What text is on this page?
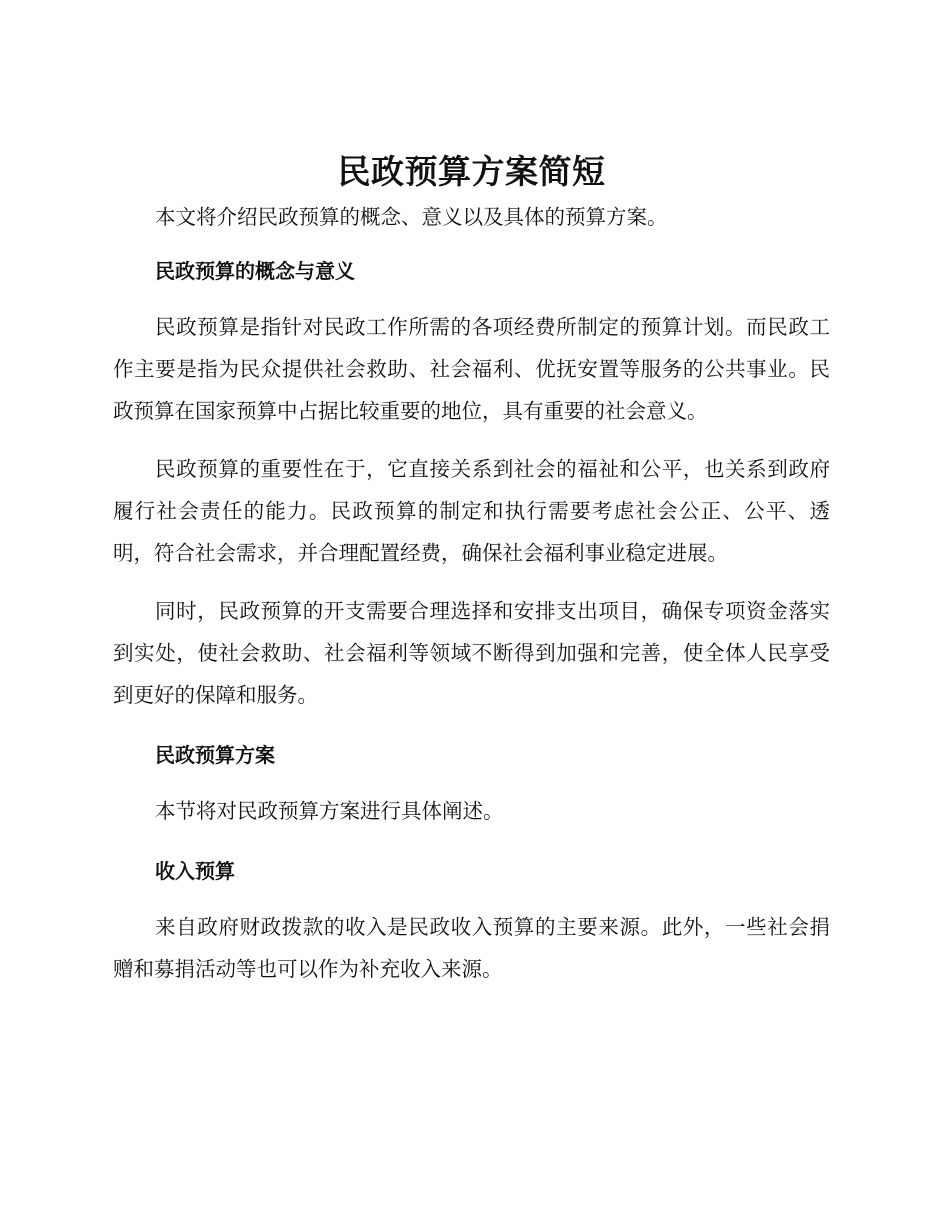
民政预算方案简短

本文将介绍民政预算的概念、意义以及具体的预算方案。

民政预算的概念与意义

民政预算是指针对民政工作所需的各项经费所制定的预算计划。而民政工作主要是指为民众提供社会救助、社会福利、优抚安置等服务的公共事业。民政预算在国家预算中占据比较重要的地位，具有重要的社会意义。

民政预算的重要性在于，它直接关系到社会的福祉和公平，也关系到政府履行社会责任的能力。民政预算的制定和执行需要考虑社会公正、公平、透明，符合社会需求，并合理配置经费，确保社会福利事业稳定进展。

同时，民政预算的开支需要合理选择和安排支出项目，确保专项资金落实到实处，使社会救助、社会福利等领域不断得到加强和完善，使全体人民享受到更好的保障和服务。

民政预算方案

本节将对民政预算方案进行具体阐述。

收入预算

来自政府财政拨款的收入是民政收入预算的主要来源。此外，一些社会捐赠和募捐活动等也可以作为补充收入来源。
